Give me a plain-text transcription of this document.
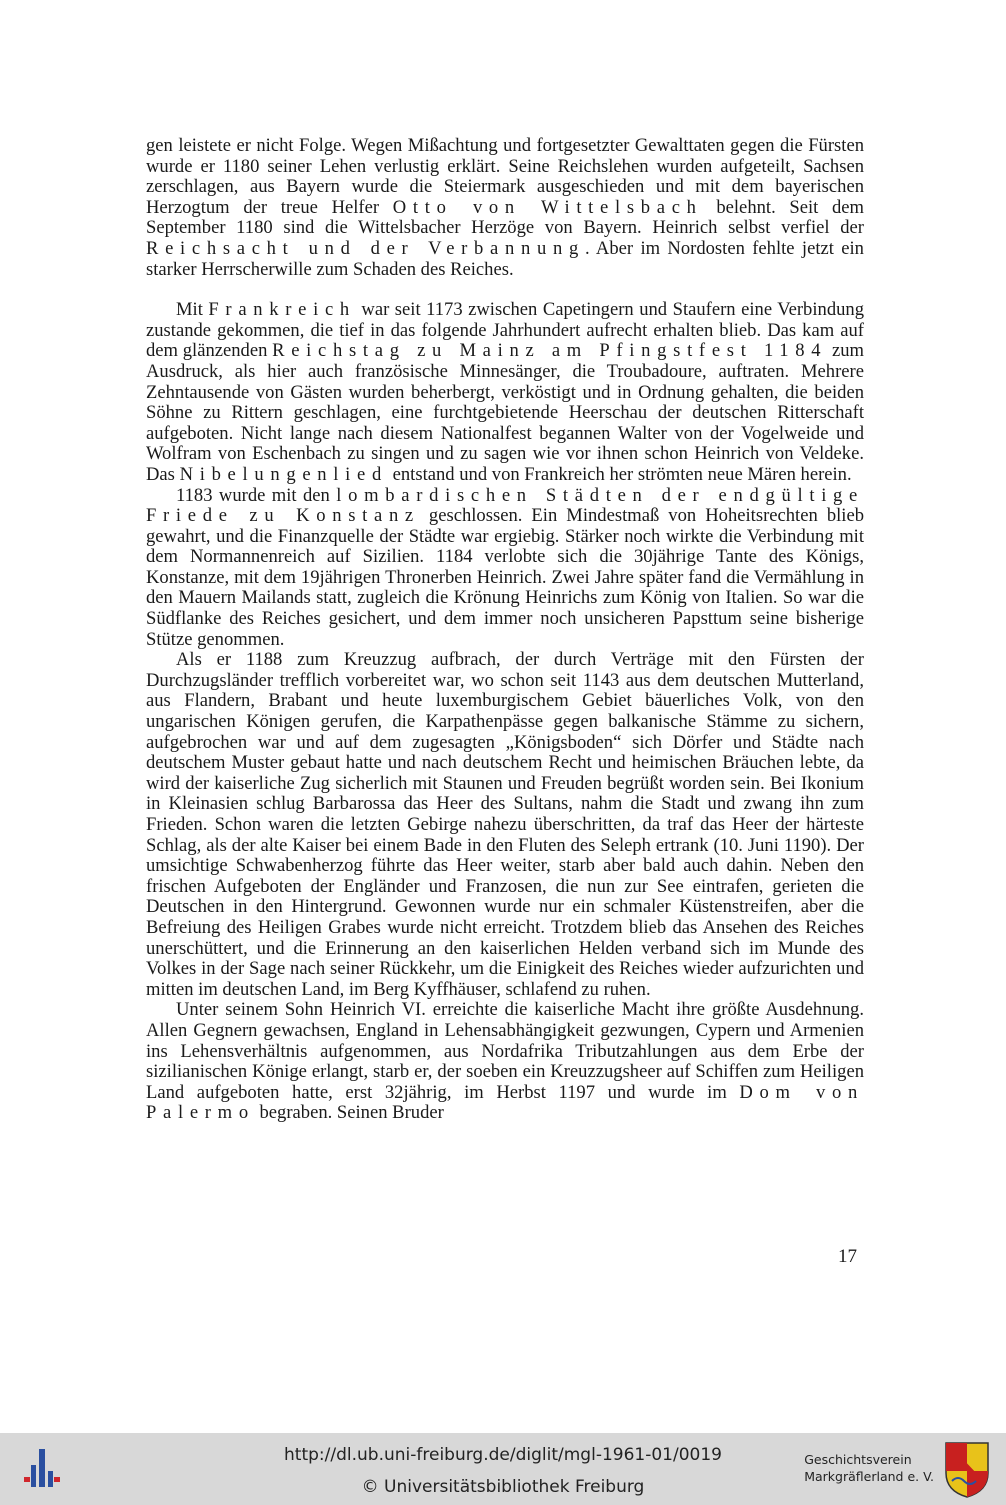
gen leistete er nicht Folge. Wegen Mißachtung und fortgesetzter Gewalttaten gegen die Fürsten wurde er 1180 seiner Lehen verlustig erklärt. Seine Reichslehen wurden aufgeteilt, Sachsen zerschlagen, aus Bayern wurde die Steiermark ausgeschieden und mit dem bayerischen Herzogtum der treue Helfer Otto von Wittelsbach belehnt. Seit dem September 1180 sind die Wittelsbacher Herzöge von Bayern. Heinrich selbst verfiel der Reichsacht und der Verbannung. Aber im Nordosten fehlte jetzt ein starker Herrscherwille zum Schaden des Reiches.

Mit Frankreich war seit 1173 zwischen Capetingern und Staufern eine Verbindung zustande gekommen, die tief in das folgende Jahrhundert aufrecht erhalten blieb. Das kam auf dem glänzenden Reichstag zu Mainz am Pfingstfest 1184 zum Ausdruck, als hier auch französische Minnesänger, die Troubadoure, auftraten. Mehrere Zehntausende von Gästen wurden beherbergt, verköstigt und in Ordnung gehalten, die beiden Söhne zu Rittern geschlagen, eine furchtgebietende Heerschau der deutschen Ritterschaft aufgeboten. Nicht lange nach diesem Nationalfest begannen Walter von der Vogelweide und Wolfram von Eschenbach zu singen und zu sagen wie vor ihnen schon Heinrich von Veldeke. Das Nibelungenlied entstand und von Frankreich her strömten neue Mären herein.

1183 wurde mit den lombardischen Städten der endgültige Friede zu Konstanz geschlossen. Ein Mindestmaß von Hoheitsrechten blieb gewahrt, und die Finanzquelle der Städte war ergiebig. Stärker noch wirkte die Verbindung mit dem Normannenreich auf Sizilien. 1184 verlobte sich die 30jährige Tante des Königs, Konstanze, mit dem 19jährigen Thronerben Heinrich. Zwei Jahre später fand die Vermählung in den Mauern Mailands statt, zugleich die Krönung Heinrichs zum König von Italien. So war die Südflanke des Reiches gesichert, und dem immer noch unsicheren Papsttum seine bisherige Stütze genommen.

Als er 1188 zum Kreuzzug aufbrach, der durch Verträge mit den Fürsten der Durchzugsländer trefflich vorbereitet war, wo schon seit 1143 aus dem deutschen Mutterland, aus Flandern, Brabant und heute luxemburgischem Gebiet bäuerliches Volk, von den ungarischen Königen gerufen, die Karpathenpässe gegen balkanische Stämme zu sichern, aufgebrochen war und auf dem zugesagten „Königsboden“ sich Dörfer und Städte nach deutschem Muster gebaut hatte und nach deutschem Recht und heimischen Bräuchen lebte, da wird der kaiserliche Zug sicherlich mit Staunen und Freuden begrüßt worden sein. Bei Ikonium in Kleinasien schlug Barbarossa das Heer des Sultans, nahm die Stadt und zwang ihn zum Frieden. Schon waren die letzten Gebirge nahezu überschritten, da traf das Heer der härteste Schlag, als der alte Kaiser bei einem Bade in den Fluten des Seleph ertrank (10. Juni 1190). Der umsichtige Schwabenherzog führte das Heer weiter, starb aber bald auch dahin. Neben den frischen Aufgeboten der Engländer und Franzosen, die nun zur See eintrafen, gerieten die Deutschen in den Hintergrund. Gewonnen wurde nur ein schmaler Küstenstreifen, aber die Befreiung des Heiligen Grabes wurde nicht erreicht. Trotzdem blieb das Ansehen des Reiches unerschüttert, und die Erinnerung an den kaiserlichen Helden verband sich im Munde des Volkes in der Sage nach seiner Rückkehr, um die Einigkeit des Reiches wieder aufzurichten und mitten im deutschen Land, im Berg Kyffhäuser, schlafend zu ruhen.

Unter seinem Sohn Heinrich VI. erreichte die kaiserliche Macht ihre größte Ausdehnung. Allen Gegnern gewachsen, England in Lehensabhängigkeit gezwungen, Cypern und Armenien ins Lehensverhältnis aufgenommen, aus Nordafrika Tributzahlungen aus dem Erbe der sizilianischen Könige erlangt, starb er, der soeben ein Kreuzzugsheer auf Schiffen zum Heiligen Land aufgeboten hatte, erst 32jährig, im Herbst 1197 und wurde im Dom von Palermo begraben. Seinen Bruder

17
http://dl.ub.uni-freiburg.de/diglit/mgl-1961-01/0019
© Universitätsbibliothek Freiburg
Geschichtsverein
Markgräflerland e. V.
